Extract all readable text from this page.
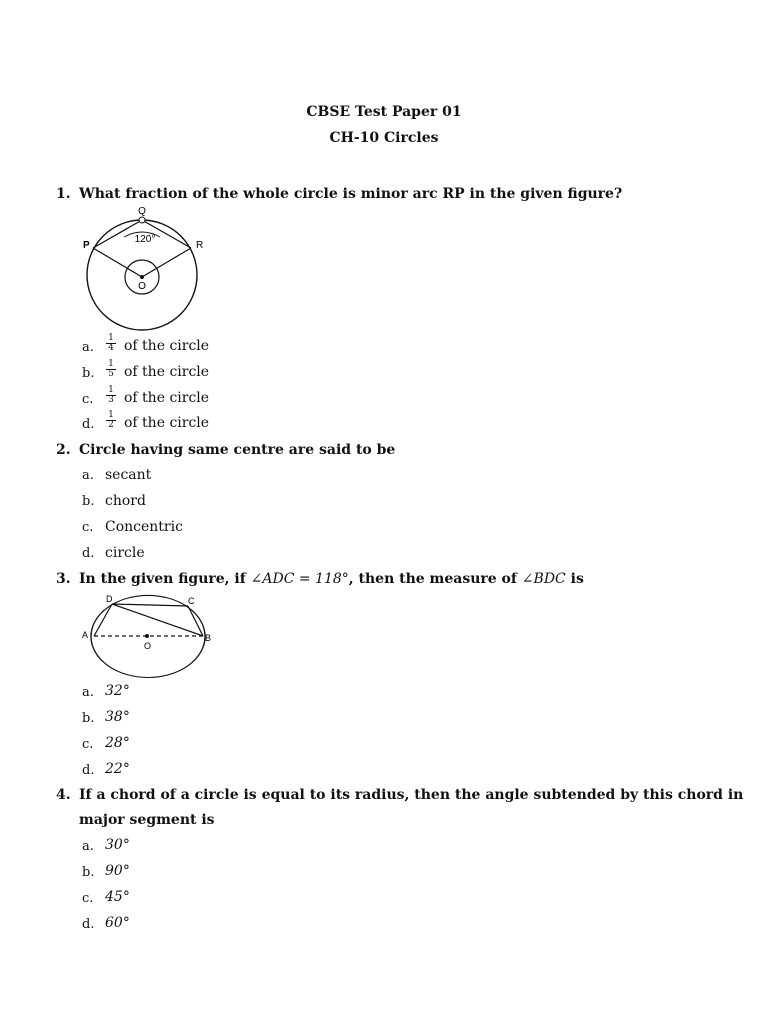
CBSE Test Paper 01
CH-10 Circles
1. What fraction of the whole circle is minor arc RP in the given figure?
Q
P	R
120°
O
a.
1
4 of the circle
b.
1
5 of the circle
c.
1
3 of the circle
d.
1
2 of the circle
2. Circle having same centre are said to be
a. secant
b. chord
c. Concentric
d. circle
3. In the given figure, if ∠ADC = 118°, then the measure of ∠BDC is
D	C
A	B
O
a. 32°
b. 38°
c. 28°
d. 22°
4. If a chord of a circle is equal to its radius, then the angle subtended by this chord in
major segment is
a. 30°
b. 90°
c. 45°
d. 60°
